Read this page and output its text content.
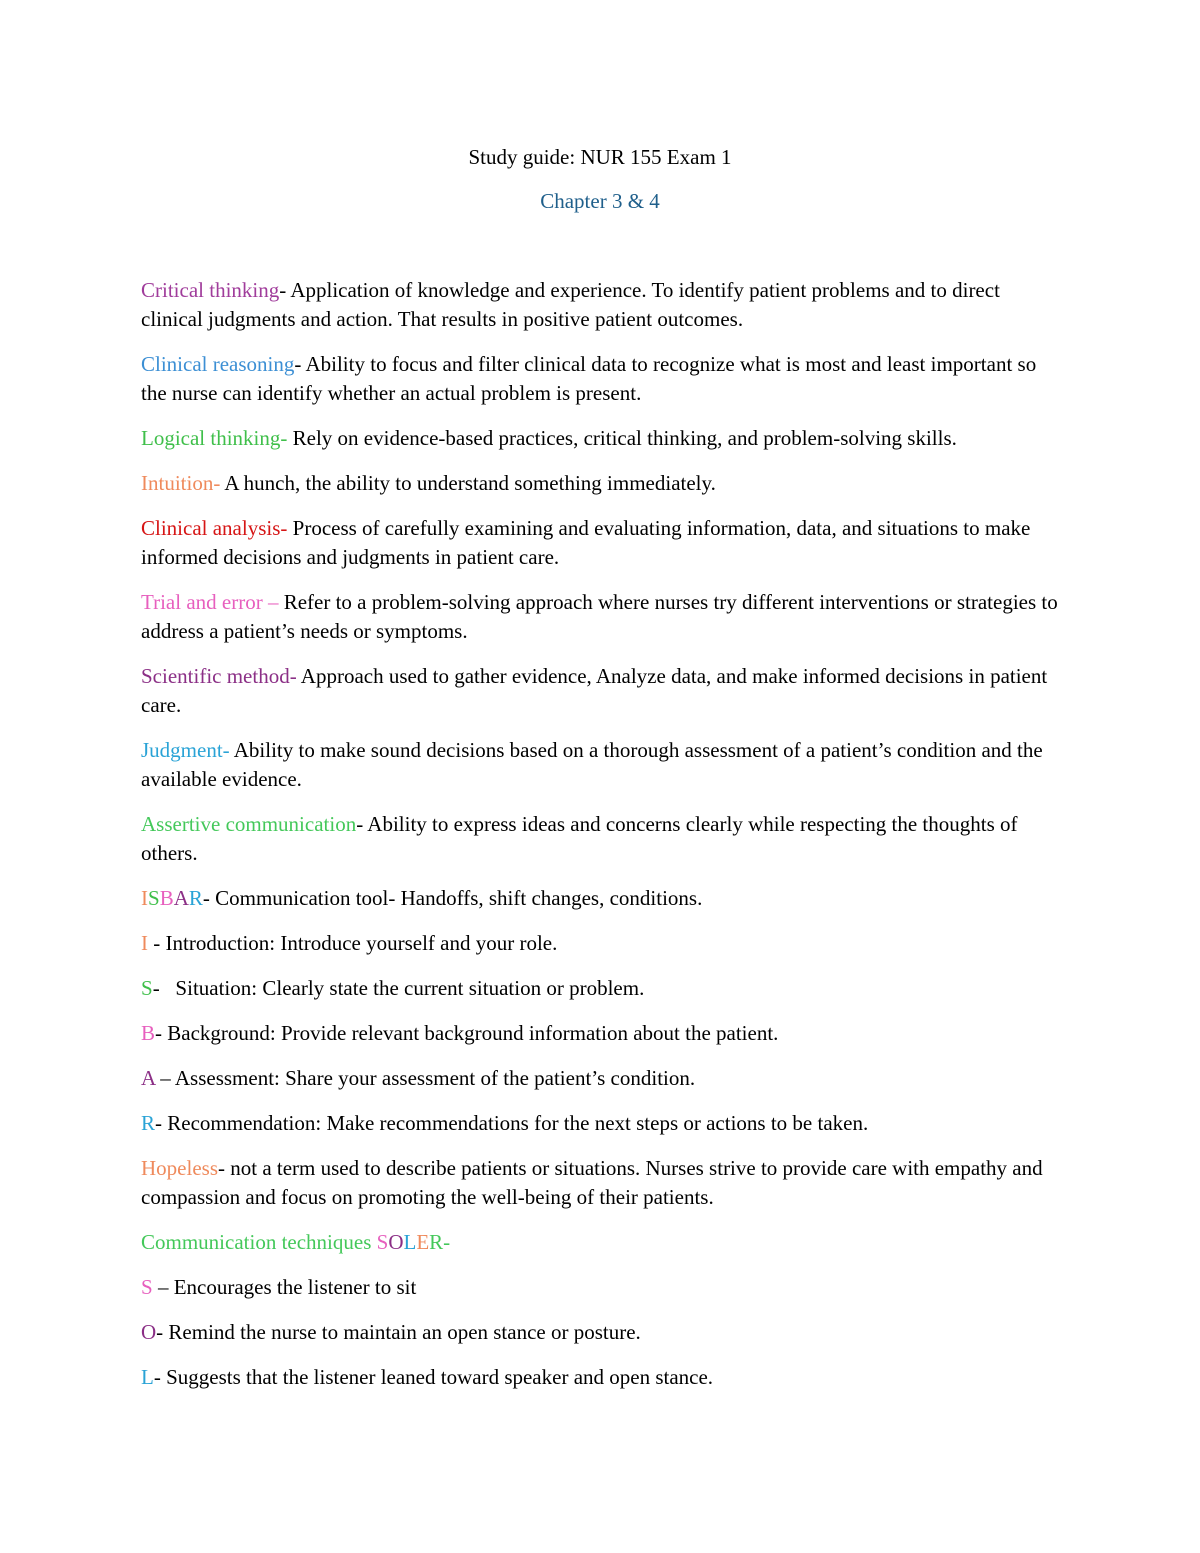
Study guide: NUR 155 Exam 1
Chapter 3 & 4

Critical thinking- Application of knowledge and experience. To identify patient problems and to direct clinical judgments and action. That results in positive patient outcomes.

Clinical reasoning- Ability to focus and filter clinical data to recognize what is most and least important so the nurse can identify whether an actual problem is present.

Logical thinking- Rely on evidence-based practices, critical thinking, and problem-solving skills.

Intuition- A hunch, the ability to understand something immediately.

Clinical analysis- Process of carefully examining and evaluating information, data, and situations to make informed decisions and judgments in patient care.

Trial and error – Refer to a problem-solving approach where nurses try different interventions or strategies to address a patient’s needs or symptoms.

Scientific method- Approach used to gather evidence, Analyze data, and make informed decisions in patient care.

Judgment- Ability to make sound decisions based on a thorough assessment of a patient’s condition and the available evidence.

Assertive communication- Ability to express ideas and concerns clearly while respecting the thoughts of others.

ISBAR- Communication tool- Handoffs, shift changes, conditions.

I - Introduction: Introduce yourself and your role.

S-   Situation: Clearly state the current situation or problem.

B- Background: Provide relevant background information about the patient.

A – Assessment: Share your assessment of the patient’s condition.

R- Recommendation: Make recommendations for the next steps or actions to be taken.

Hopeless- not a term used to describe patients or situations. Nurses strive to provide care with empathy and compassion and focus on promoting the well-being of their patients.

Communication techniques SOLER-

S – Encourages the listener to sit

O- Remind the nurse to maintain an open stance or posture.

L- Suggests that the listener leaned toward speaker and open stance.
